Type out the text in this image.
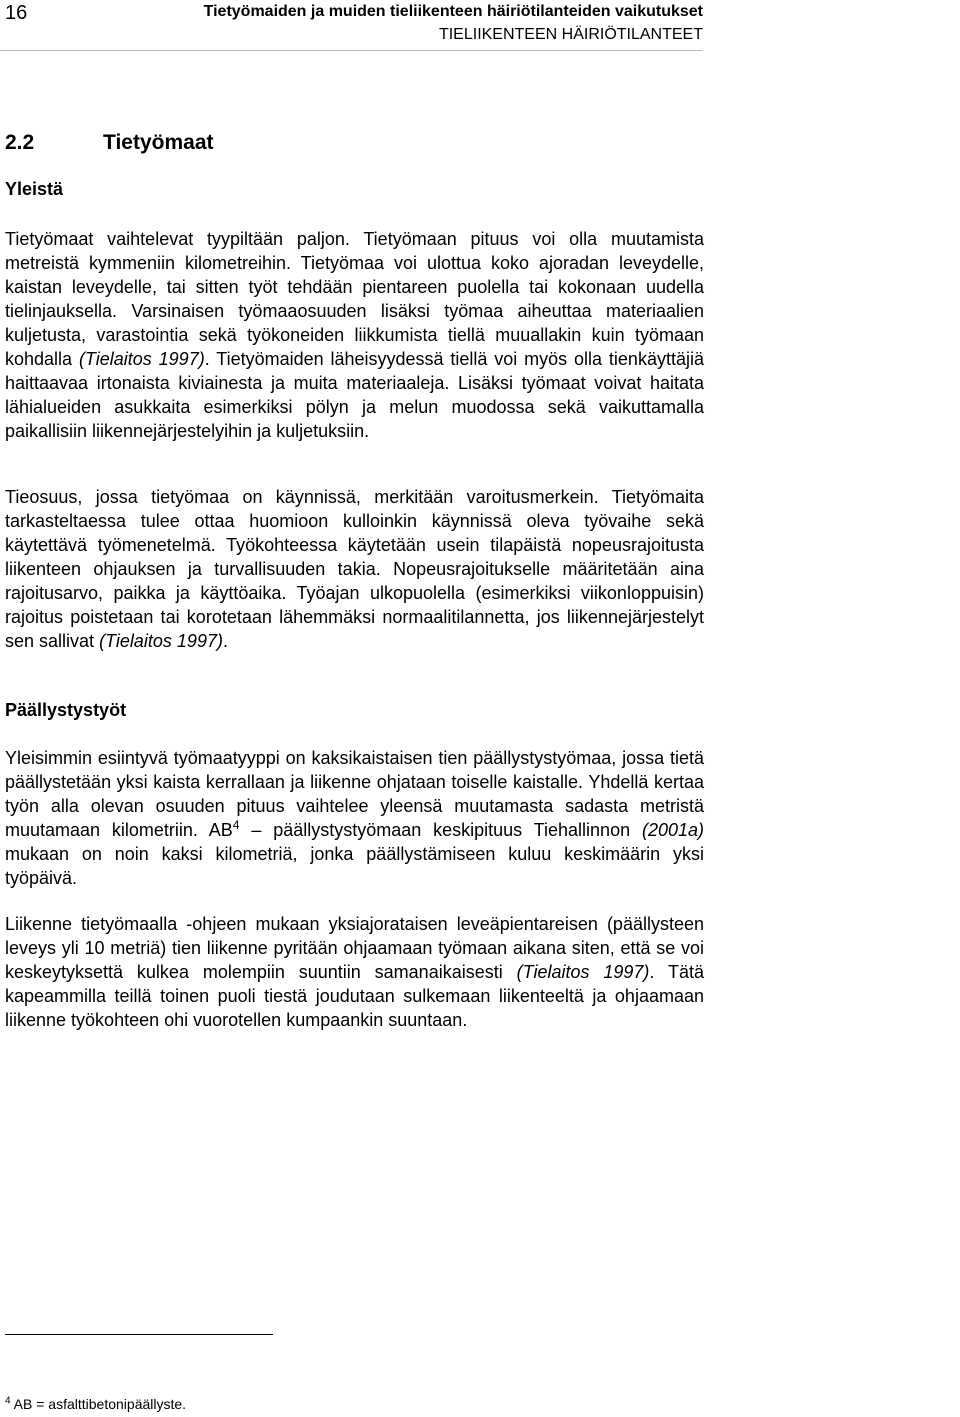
16	Tietyömaiden ja muiden tieliikenteen häiriötilanteiden vaikutukset
TIELIIKENTEEN HÄIRIÖTILANTEET
2.2	Tietyömaat
Yleistä

Tietyömaat vaihtelevat tyypiltään paljon. Tietyömaan pituus voi olla muutamista metreistä kymmeniin kilometreihin. Tietyömaa voi ulottua koko ajoradan leveydelle, kaistan leveydelle, tai sitten työt tehdään pientareen puolella tai kokonaan uudella tielinjauksella. Varsinaisen työmaaosuuden lisäksi työmaa aiheuttaa materiaalien kuljetusta, varastointia sekä työkoneiden liikkumista tiellä muuallakin kuin työmaan kohdalla (Tielaitos 1997). Tietyömaiden läheisyydessä tiellä voi myös olla tienkäyttäjiä haittaavaa irtonaista kiviainesta ja muita materiaaleja. Lisäksi työmaat voivat haitata lähialueiden asukkaita esimerkiksi pölyn ja melun muodossa sekä vaikuttamalla paikallisiin liikennejärjestelyihin ja kuljetuksiin.

Tieosuus, jossa tietyömaa on käynnissä, merkitään varoitusmerkein. Tietyömaita tarkasteltaessa tulee ottaa huomioon kulloinkin käynnissä oleva työvaihe sekä käytettävä työmenetelmä. Työkohteessa käytetään usein tilapäistä nopeusrajoitusta liikenteen ohjauksen ja turvallisuuden takia. Nopeusrajoitukselle määritetään aina rajoitusarvo, paikka ja käyttöaika. Työajan ulkopuolella (esimerkiksi viikonloppuisin) rajoitus poistetaan tai korotetaan lähemmäksi normaalitilannetta, jos liikennejärjestelyt sen sallivat (Tielaitos 1997).

Päällystystyöt

Yleisimmin esiintyvä työmaatyyppi on kaksikaistaisen tien päällystystyömaa, jossa tietä päällystetään yksi kaista kerrallaan ja liikenne ohjataan toiselle kaistalle. Yhdellä kertaa työn alla olevan osuuden pituus vaihtelee yleensä muutamasta sadasta metristä muutamaan kilometriin. $AB^4$ – päällystystyömaan keskipituus Tiehallinnon (2001a) mukaan on noin kaksi kilometriä, jonka päällystämiseen kuluu keskimäärin yksi työpäivä.

Liikenne tietyömaalla -ohjeen mukaan yksiajorataisen leveäpientareisen (päällysteen leveys yli 10 metriä) tien liikenne pyritään ohjaamaan työmaan aikana siten, että se voi keskeytyksettä kulkea molempiin suuntiin samanaikaisesti (Tielaitos 1997). Tätä kapeammilla teillä toinen puoli tiestä joudutaan sulkemaan liikenteeltä ja ohjaamaan liikenne työkohteen ohi vuorotellen kumpaankin suuntaan.

$^4$ AB = asfalttibetonipäällyste.
